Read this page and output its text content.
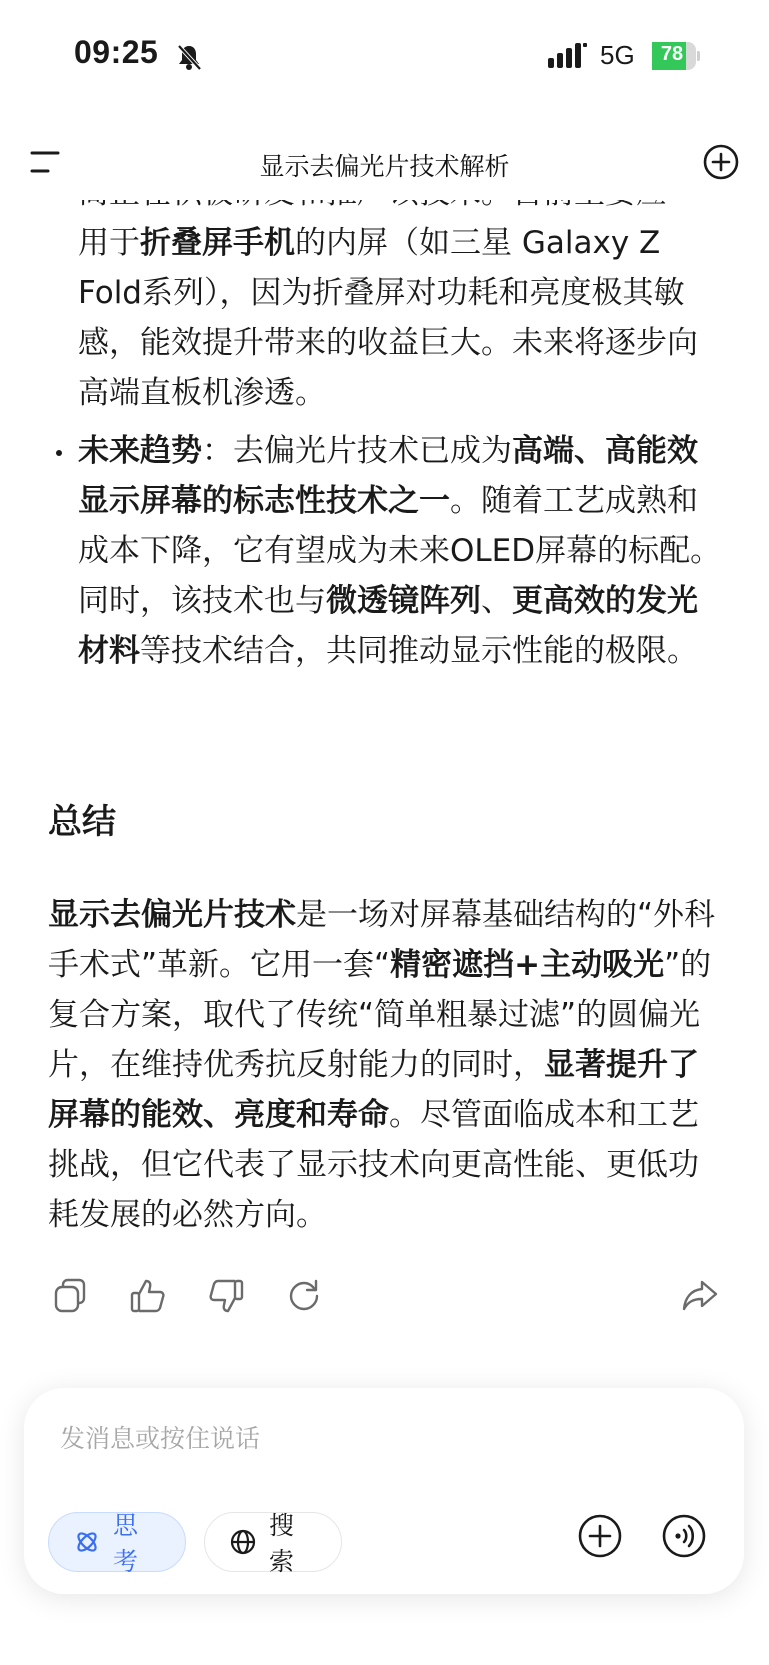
09:25	5G	78
显示去偏光片技术解析
用于折叠屏手机的内屏（如三星 Galaxy Z Fold系列），因为折叠屏对功耗和亮度极其敏感，能效提升带来的收益巨大。未来将逐步向高端直板机渗透。
未来趋势：去偏光片技术已成为高端、高能效显示屏幕的标志性技术之一。随着工艺成熟和成本下降，它有望成为未来OLED屏幕的标配。同时，该技术也与微透镜阵列、更高效的发光材料等技术结合，共同推动显示性能的极限。
总结
显示去偏光片技术是一场对屏幕基础结构的“外科手术式”革新。它用一套“精密遮挡+主动吸光”的复合方案，取代了传统“简单粗暴过滤”的圆偏光片，在维持优秀抗反射能力的同时，显著提升了屏幕的能效、亮度和寿命。尽管面临成本和工艺挑战，但它代表了显示技术向更高性能、更低功耗发展的必然方向。
发消息或按住说话
思考
搜索
